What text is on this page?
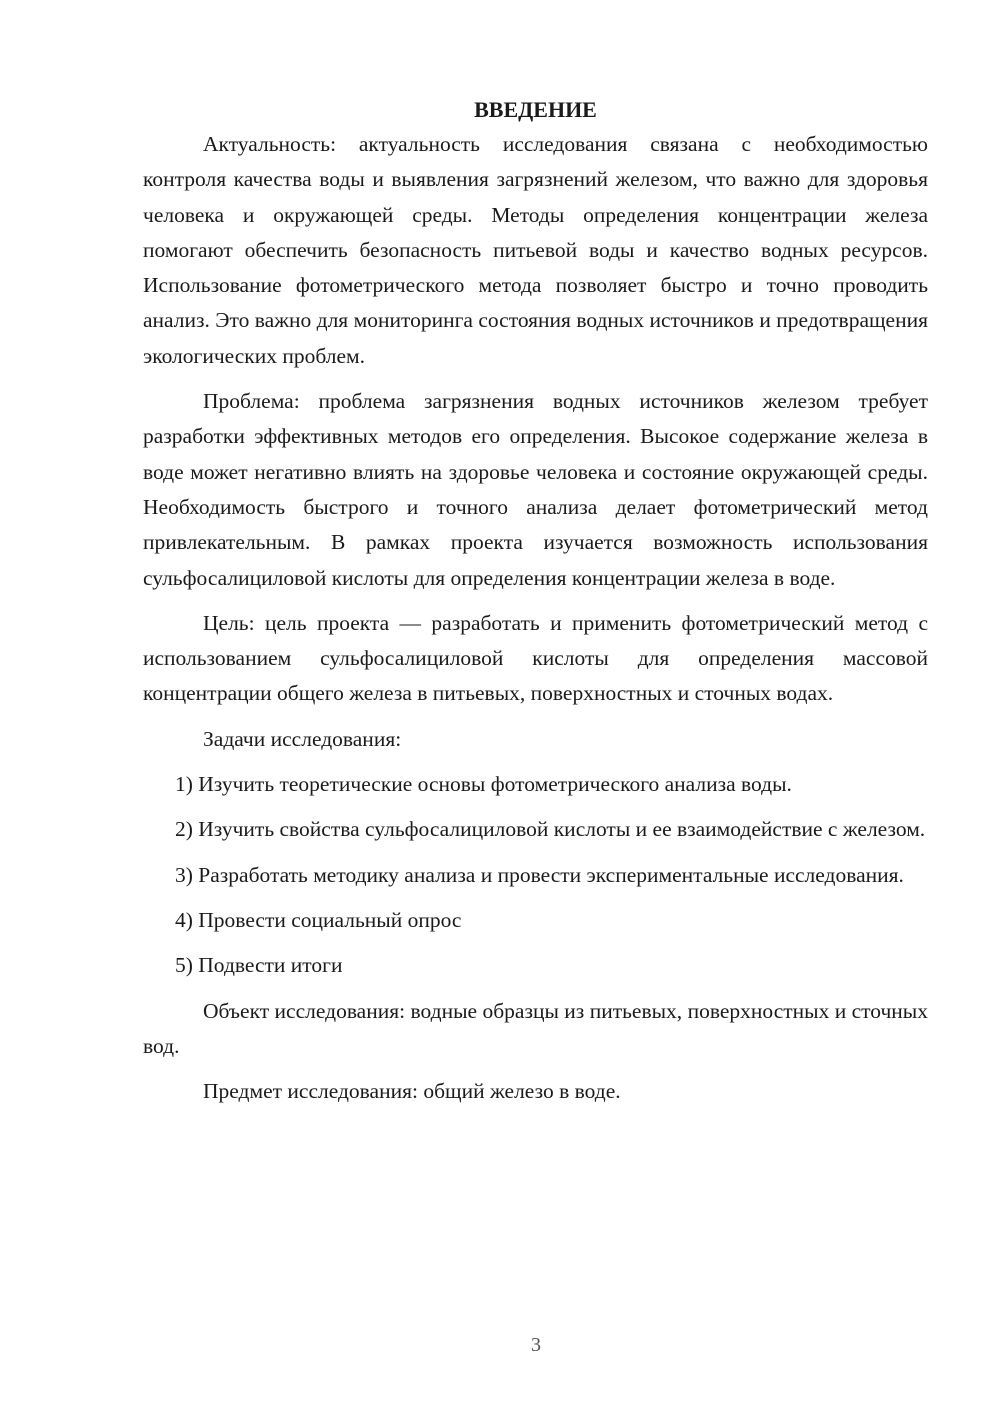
ВВЕДЕНИЕ

Актуальность: актуальность исследования связана с необходимостью контроля качества воды и выявления загрязнений железом, что важно для здоровья человека и окружающей среды. Методы определения концентрации железа помогают обеспечить безопасность питьевой воды и качество водных ресурсов. Использование фотометрического метода позволяет быстро и точно проводить анализ. Это важно для мониторинга состояния водных источников и предотвращения экологических проблем.

Проблема: проблема загрязнения водных источников железом требует разработки эффективных методов его определения. Высокое содержание железа в воде может негативно влиять на здоровье человека и состояние окружающей среды. Необходимость быстрого и точного анализа делает фотометрический метод привлекательным. В рамках проекта изучается возможность использования сульфосалициловой кислоты для определения концентрации железа в воде.

Цель: цель проекта — разработать и применить фотометрический метод с использованием сульфосалициловой кислоты для определения массовой концентрации общего железа в питьевых, поверхностных и сточных водах.

Задачи исследования:

1) Изучить теоретические основы фотометрического анализа воды.

2) Изучить свойства сульфосалициловой кислоты и ее взаимодействие с железом.

3) Разработать методику анализа и провести экспериментальные исследования.

4) Провести социальный опрос

5) Подвести итоги

Объект исследования: водные образцы из питьевых, поверхностных и сточных вод.

Предмет исследования: общий железо в воде.

3
